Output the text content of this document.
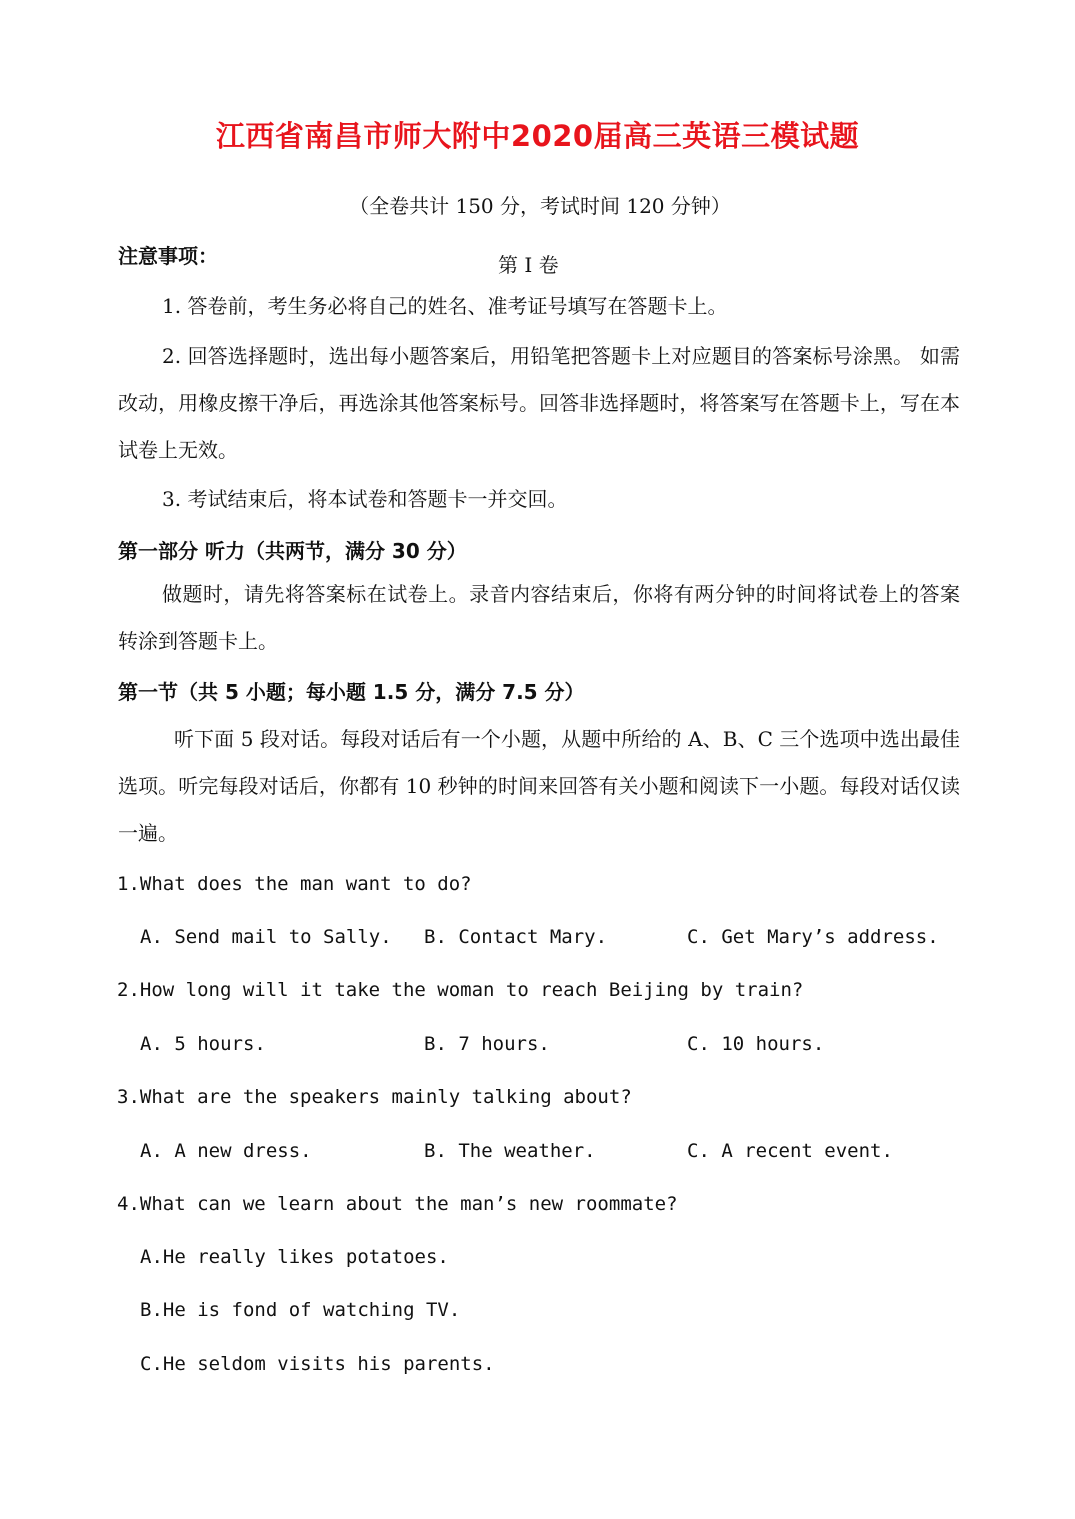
江西省南昌市师大附中2020届高三英语三模试题
（全卷共计 150 分，考试时间 120 分钟）
注意事项：	第 I 卷
1. 答卷前，考生务必将自己的姓名、准考证号填写在答题卡上。
2. 回答选择题时，选出每小题答案后，用铅笔把答题卡上对应题目的答案标号涂黑。 如需改动，用橡皮擦干净后，再选涂其他答案标号。回答非选择题时，将答案写在答题卡上，写在本试卷上无效。
3. 考试结束后，将本试卷和答题卡一并交回。
第一部分 听力（共两节，满分 30 分）
做题时，请先将答案标在试卷上。录音内容结束后，你将有两分钟的时间将试卷上的答案转涂到答题卡上。
第一节（共 5 小题；每小题 1.5 分，满分 7.5 分）
听下面 5 段对话。每段对话后有一个小题，从题中所给的 A、B、C 三个选项中选出最佳选项。听完每段对话后，你都有 10 秒钟的时间来回答有关小题和阅读下一小题。每段对话仅读一遍。
1.What does the man want to do?
A. Send mail to Sally. B. Contact Mary.	C. Get Mary’s address.
2.How long will it take the woman to reach Beijing by train?
A. 5 hours.	B. 7 hours.	C. 10 hours.
3.What are the speakers mainly talking about?
A. A new dress.	B. The weather.	C. A recent event.
4.What can we learn about the man’s new roommate?
A.He really likes potatoes.
B.He is fond of watching TV.
C.He seldom visits his parents.
